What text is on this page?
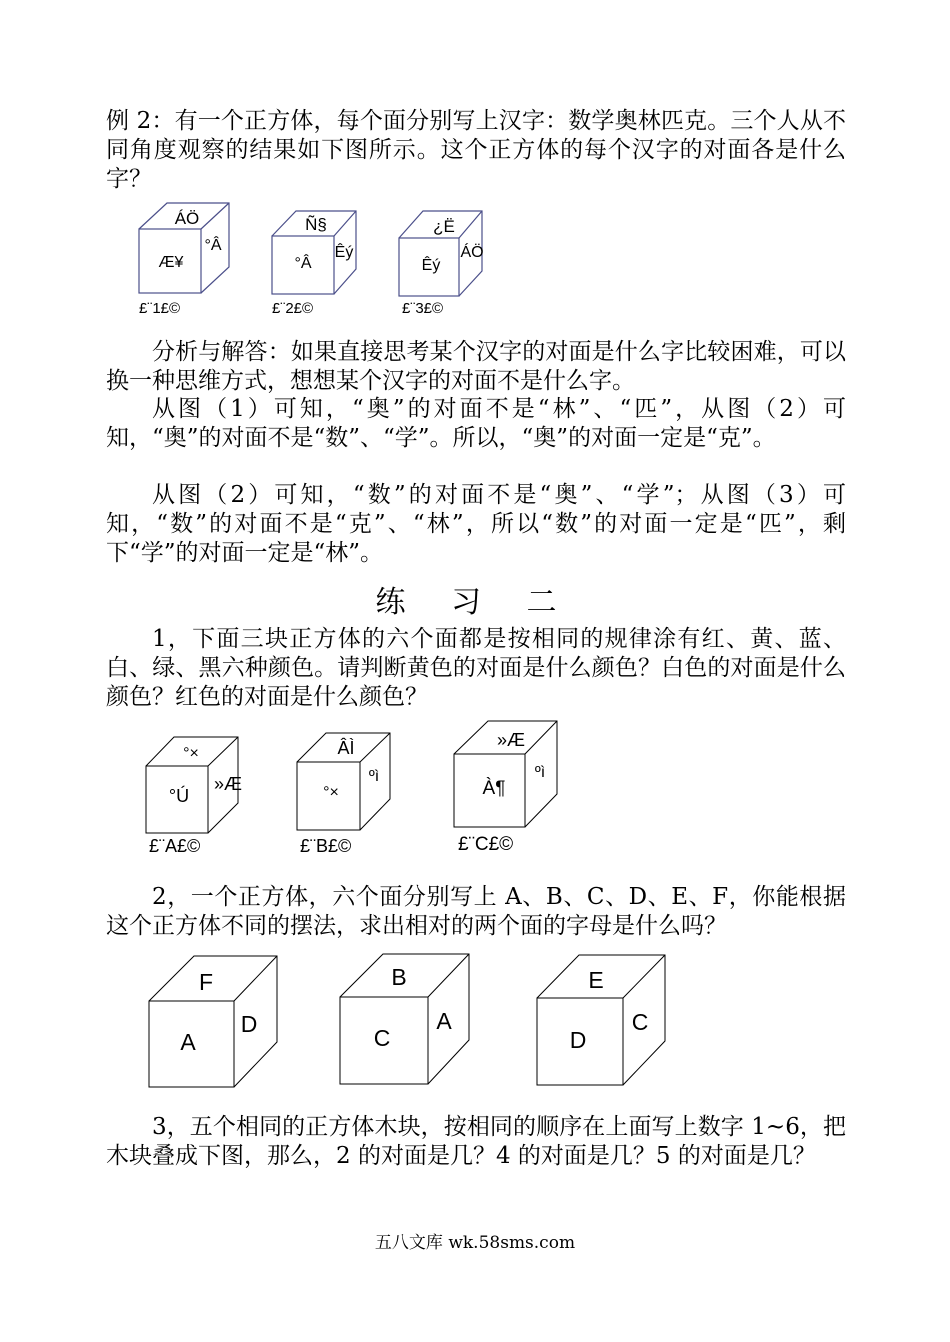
例 2：有一个正方体，每个面分别写上汉字：数学奥林匹克。三个人从不同角度观察的结果如下图所示。这个正方体的每个汉字的对面各是什么字？

ÁÖ
Æ¥
°Â
£¨1£©
Ñ§
°Â
Êý
£¨2£©
¿Ë
Êý
ÁÖ
£¨3£©
°×
°Ú
»Æ
£¨A£©
ÂÌ
°×
ºì
£¨B£©
»Æ
À¶
ºì
£¨C£©
F
A
D
B
C
A
E
D
C

分析与解答：如果直接思考某个汉字的对面是什么字比较困难，可以换一种思维方式，想想某个汉字的对面不是什么字。

从图（1）可知，“奥”的对面不是“林”、“匹”，从图（2）可知，“奥”的对面不是“数”、“学”。所以，“奥”的对面一定是“克”。

从图（2）可知，“数”的对面不是“奥”、“学”；从图（3）可知，“数”的对面不是“克”、“林”，所以“数”的对面一定是“匹”，剩下“学”的对面一定是“林”。

练 习 二

1，下面三块正方体的六个面都是按相同的规律涂有红、黄、蓝、白、绿、黑六种颜色。请判断黄色的对面是什么颜色？白色的对面是什么颜色？红色的对面是什么颜色？

2，一个正方体，六个面分别写上 A、B、C、D、E、F，你能根据这个正方体不同的摆法，求出相对的两个面的字母是什么吗？

3，五个相同的正方体木块，按相同的顺序在上面写上数字 1~6，把木块叠成下图，那么，2 的对面是几？4 的对面是几？5 的对面是几？

五八文库 wk.58sms.com
